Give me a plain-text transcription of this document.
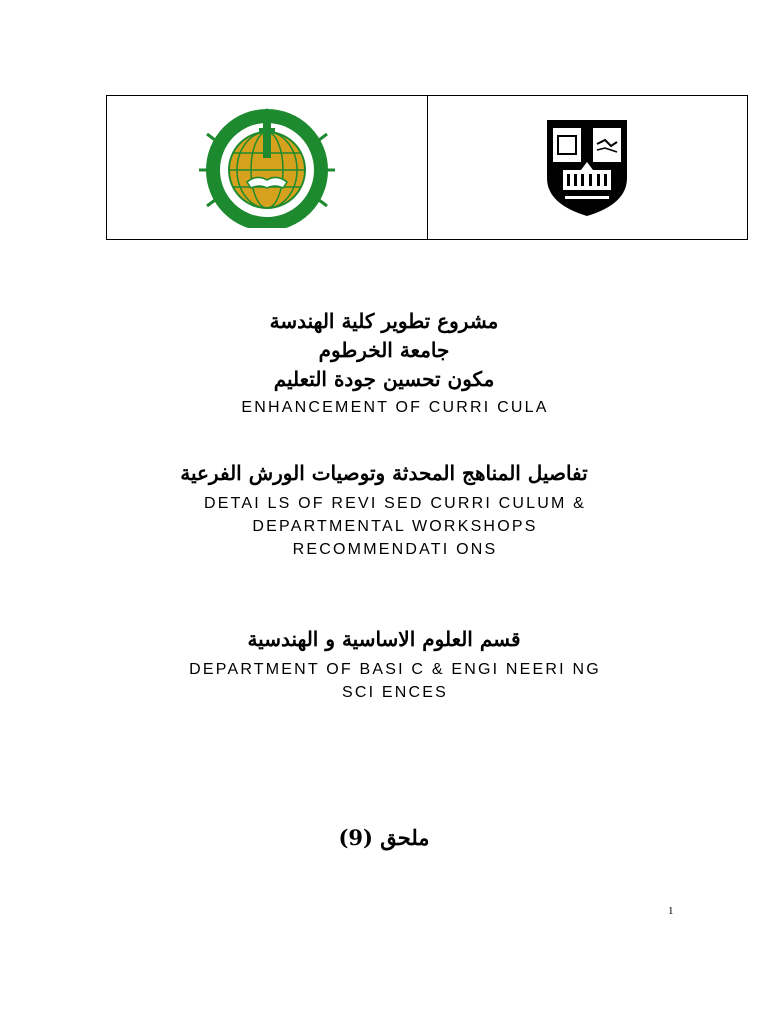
مشروع تطوير كلية الهندسة
جامعة الخرطوم
مكون تحسين جودة التعليم
ENHANCEMENT OF CURRI CULA
تفاصيل المناهج المحدثة وتوصيات الورش الفرعية
DETAI LS OF REVI SED CURRI CULUM &
DEPARTMENTAL WORKSHOPS
RECOMMENDATI ONS
قسم العلوم الاساسية و الهندسية
DEPARTMENT OF BASI C & ENGI NEERI NG
SCI ENCES
ملحق (9)
1
